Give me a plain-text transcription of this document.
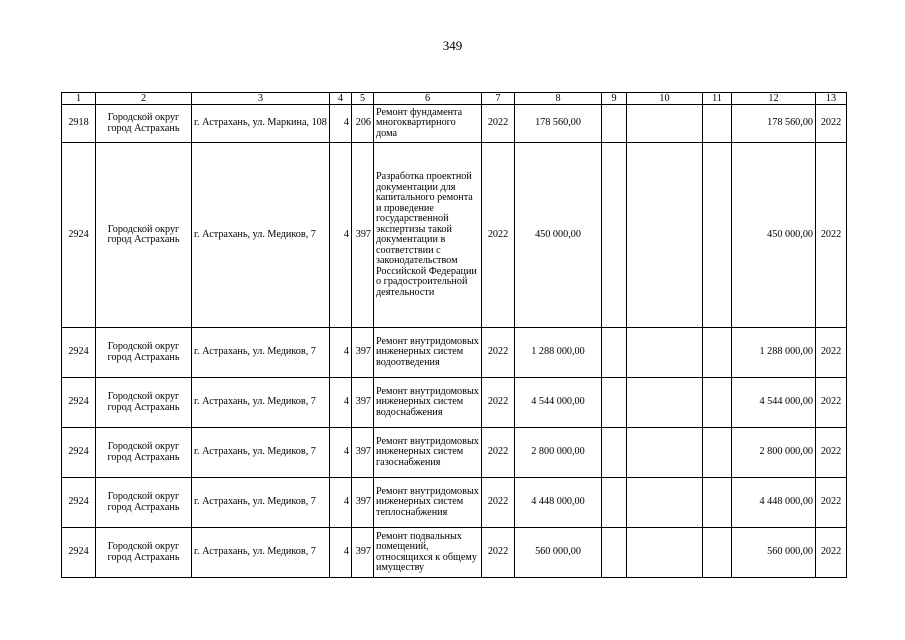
349
1	2	3	4	5	6	7	8	9	10	11	12	13
2918	Городской округ город Астрахань	г. Астрахань, ул. Маркина, 108	4	206	Ремонт фундамента многоквартирного дома	2022	178 560,00				178 560,00	2022
2924	Городской округ город Астрахань	г. Астрахань, ул. Медиков, 7	4	397	Разработка проектной документации для капитального ремонта и проведение государственной экспертизы такой документации в соответствии с законодательством Российской Федерации о градостроительной деятельности	2022	450 000,00				450 000,00	2022
2924	Городской округ город Астрахань	г. Астрахань, ул. Медиков, 7	4	397	Ремонт внутридомовых инженерных систем водоотведения	2022	1 288 000,00				1 288 000,00	2022
2924	Городской округ город Астрахань	г. Астрахань, ул. Медиков, 7	4	397	Ремонт внутридомовых инженерных систем водоснабжения	2022	4 544 000,00				4 544 000,00	2022
2924	Городской округ город Астрахань	г. Астрахань, ул. Медиков, 7	4	397	Ремонт внутридомовых инженерных систем газоснабжения	2022	2 800 000,00				2 800 000,00	2022
2924	Городской округ город Астрахань	г. Астрахань, ул. Медиков, 7	4	397	Ремонт внутридомовых инженерных систем теплоснабжения	2022	4 448 000,00				4 448 000,00	2022
2924	Городской округ город Астрахань	г. Астрахань, ул. Медиков, 7	4	397	Ремонт подвальных помещений, относящихся к общему имуществу	2022	560 000,00				560 000,00	2022
